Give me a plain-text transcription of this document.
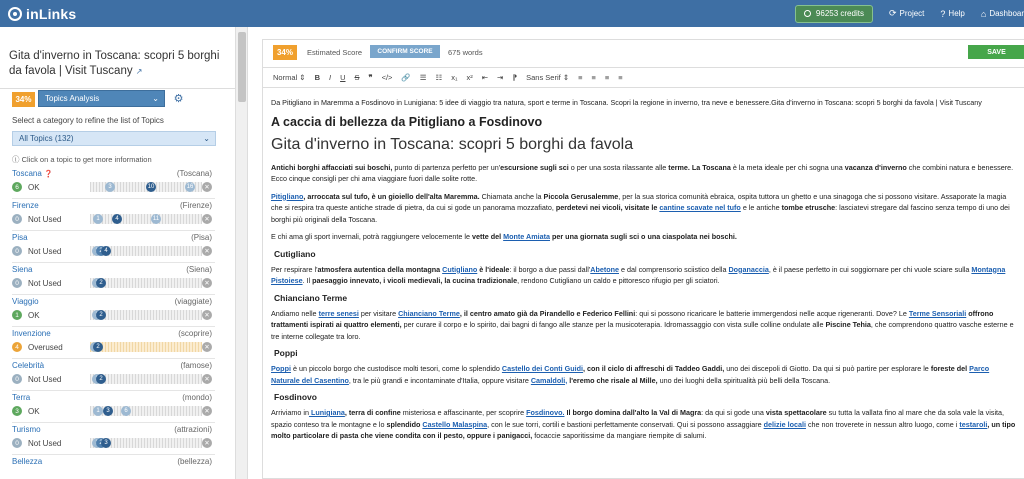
inLinks	96253 credits	⟳ Project ? Help ⌂ Dashboar
Gita d'inverno in Toscana: scopri 5 borghi da favola | Visit Tuscany ↗
34%	Topics Analysis	⌄ ⚙
Select a category to refine the list of Topics
All Topics (132)	⌄
ⓘ Click on a topic to get more information
Toscana ❓	(Toscana)
6	OK	3	10	16	✕
Firenze	(Firenze)
0	Not Used	1	4	11	✕
Pisa	(Pisa)
0	Not Used	4	✕
Siena	(Siena)
0	Not Used	2	✕
Viaggio	(viaggiate)
1	OK	2	✕
Invenzione	(scoprire)
4	Overused	2	✕
Celebrità	(famose)
0	Not Used	2	✕
Terra	(mondo)
3	OK	1	3	6	✕
Turismo	(attrazioni)
0	Not Used	3	✕
Bellezza	(bellezza)
34%	Estimated Score	CONFIRM SCORE	675 words	SAVE
Normal ⇕ B I U S ❞ </> 🔗 ☰ ☷ x₁ x² ⇤ ⇥ ⁋ Sans Serif ⇕ ≡ ≡ ≡ ≡

Da Pitigliano in Maremma a Fosdinovo in Lunigiana: 5 idee di viaggio tra natura, sport e terme in Toscana. Scopri la regione in inverno, tra neve e benessere.Gita d'inverno in Toscana: scopri 5 borghi da favola | Visit Tuscany

A caccia di bellezza da Pitigliano a Fosdinovo
Gita d'inverno in Toscana: scopri 5 borghi da favola

Antichi borghi affacciati sui boschi, punto di partenza perfetto per un'escursione sugli sci o per una sosta rilassante alle terme. La Toscana è la meta ideale per chi sogna una vacanza d'inverno che combini natura e benessere. Ecco cinque consigli per chi ama viaggiare fuori dalle solite rotte.

Pitigliano, arroccata sul tufo, è un gioiello dell'alta Maremma. Chiamata anche la Piccola Gerusalemme, per la sua storica comunità ebraica, ospita tuttora un ghetto e una sinagoga che si possono visitare. Assaporate la magia che si respira tra queste antiche strade di pietra, da cui si gode un panorama mozzafiato, perdetevi nei vicoli, visitate le cantine scavate nel tufo e le antiche tombe etrusche: lasciatevi stregare dal fascino senza tempo di uno dei borghi più originali della Toscana.

E chi ama gli sport invernali, potrà raggiungere velocemente le vette del Monte Amiata per una giornata sugli sci o una ciaspolata nei boschi.

Cutigliano

Per respirare l'atmosfera autentica della montagna Cutigliano è l'ideale: il borgo a due passi dall'Abetone e dal comprensorio sciistico della Doganaccia, è il paese perfetto in cui soggiornare per chi vuole sciare sulla Montagna Pistoiese. Il paesaggio innevato, i vicoli medievali, la cucina tradizionale, rendono Cutigliano un caldo e pittoresco rifugio per gli sciatori.

Chianciano Terme

Andiamo nelle terre senesi per visitare Chianciano Terme, il centro amato già da Pirandello e Federico Fellini: qui si possono ricaricare le batterie immergendosi nelle acque rigeneranti. Dove? Le Terme Sensoriali offrono trattamenti ispirati ai quattro elementi, per curare il corpo e lo spirito, dai bagni di fango alle stanze per la musicoterapia. Idromassaggio con vista sulle colline ondulate alle Piscine Tehia, che comprendono quattro vasche esterne e tre interne collegate tra loro.

Poppi

Poppi è un piccolo borgo che custodisce molti tesori, come lo splendido Castello dei Conti Guidi, con il ciclo di affreschi di Taddeo Gaddi, uno dei discepoli di Giotto. Da qui si può partire per esplorare le foreste del Parco Naturale del Casentino, tra le più grandi e incontaminate d'Italia, oppure visitare Camaldoli, l'eremo che risale al Mille, uno dei luoghi della spiritualità più belli della Toscana.

Fosdinovo

Arriviamo in Lunigiana, terra di confine misteriosa e affascinante, per scoprire Fosdinovo. Il borgo domina dall'alto la Val di Magra: da qui si gode una vista spettacolare su tutta la vallata fino al mare che da sola vale la visita, spazio conteso tra le montagne e lo splendido Castello Malaspina, con le sue torri, cortili e bastioni perfettamente conservati. Qui si possono assaggiare delizie locali che non troverete in nessun altro luogo, come i testaroli, un tipo molto particolare di pasta che viene condita con il pesto, oppure i panigacci, focaccie saporitissime da mangiare riempite di salumi.
